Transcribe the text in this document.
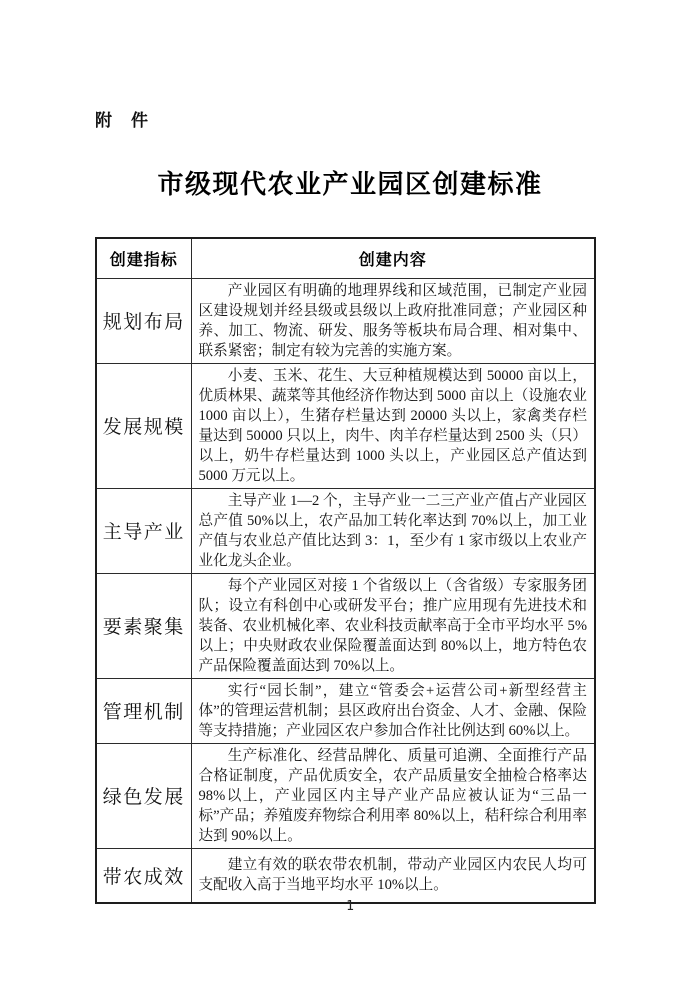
附　件
市级现代农业产业园区创建标准
创建指标	创建内容
规划布局	产业园区有明确的地理界线和区域范围，已制定产业园区建设规划并经县级或县级以上政府批准同意；产业园区种养、加工、物流、研发、服务等板块布局合理、相对集中、联系紧密；制定有较为完善的实施方案。

发展规模	小麦、玉米、花生、大豆种植规模达到 50000 亩以上，优质林果、蔬菜等其他经济作物达到 5000 亩以上（设施农业 1000 亩以上），生猪存栏量达到 20000 头以上，家禽类存栏量达到 50000 只以上，肉牛、肉羊存栏量达到 2500 头（只）以上，奶牛存栏量达到 1000 头以上，产业园区总产值达到 5000 万元以上。

主导产业	主导产业 1—2 个，主导产业一二三产业产值占产业园区总产值 50%以上，农产品加工转化率达到 70%以上，加工业产值与农业总产值比达到 3：1，至少有 1 家市级以上农业产业化龙头企业。

要素聚集	每个产业园区对接 1 个省级以上（含省级）专家服务团队；设立有科创中心或研发平台；推广应用现有先进技术和装备、农业机械化率、农业科技贡献率高于全市平均水平 5%以上；中央财政农业保险覆盖面达到 80%以上，地方特色农产品保险覆盖面达到 70%以上。

管理机制	实行“园长制”，建立“管委会+运营公司+新型经营主体”的管理运营机制；县区政府出台资金、人才、金融、保险等支持措施；产业园区农户参加合作社比例达到 60%以上。

绿色发展	生产标准化、经营品牌化、质量可追溯、全面推行产品合格证制度，产品优质安全，农产品质量安全抽检合格率达 98%以上，产业园区内主导产业产品应被认证为“三品一标”产品；养殖废弃物综合利用率 80%以上，秸秆综合利用率达到 90%以上。

带农成效	建立有效的联农带农机制，带动产业园区内农民人均可支配收入高于当地平均水平 10%以上。

1
